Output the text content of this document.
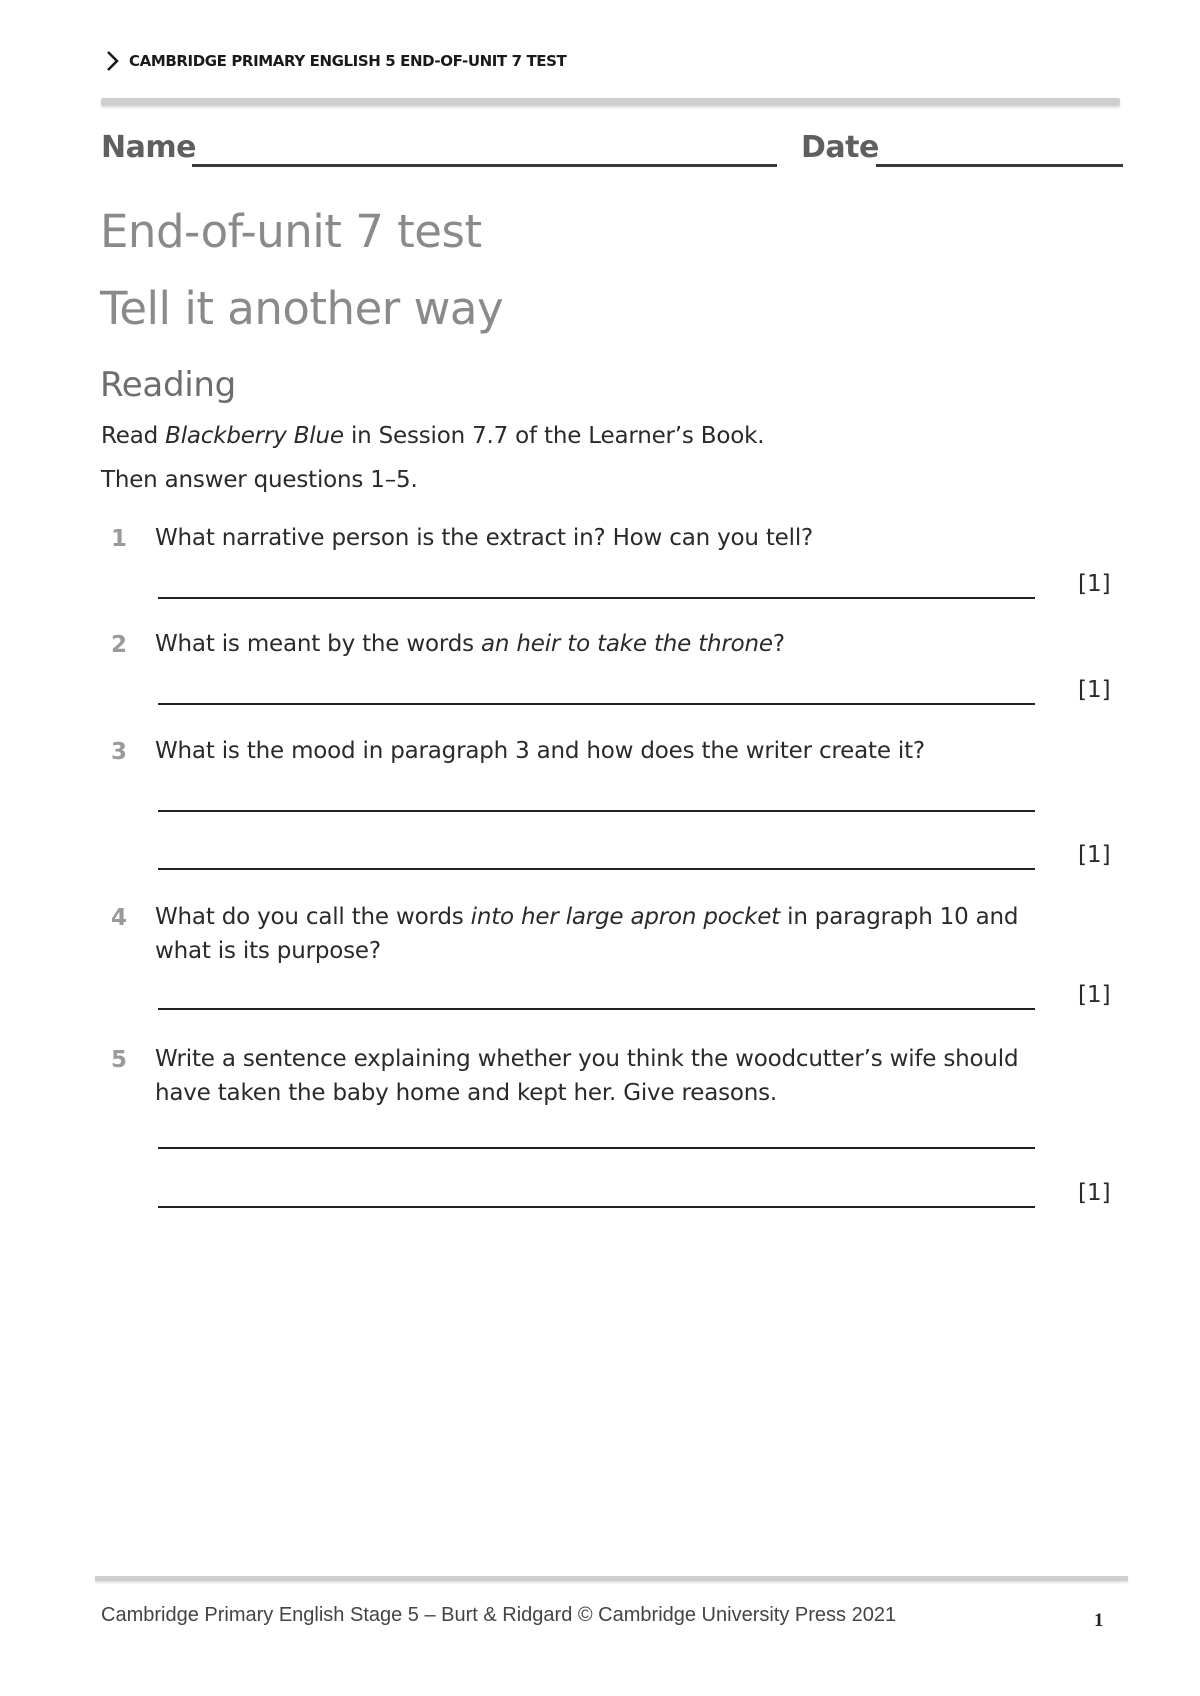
CAMBRIDGE PRIMARY ENGLISH 5 END-OF-UNIT 7 TEST
Name	Date
End-of-unit 7 test
Tell it another way
Reading
Read Blackberry Blue in Session 7.7 of the Learner’s Book.
Then answer questions 1–5.
1 What narrative person is the extract in? How can you tell?
[1]
2 What is meant by the words an heir to take the throne?
[1]
3 What is the mood in paragraph 3 and how does the writer create it?
[1]
4 What do you call the words into her large apron pocket in paragraph 10 and what is its purpose?
[1]
5 Write a sentence explaining whether you think the woodcutter’s wife should have taken the baby home and kept her. Give reasons.
[1]
Cambridge Primary English Stage 5 – Burt & Ridgard © Cambridge University Press 2021	1
